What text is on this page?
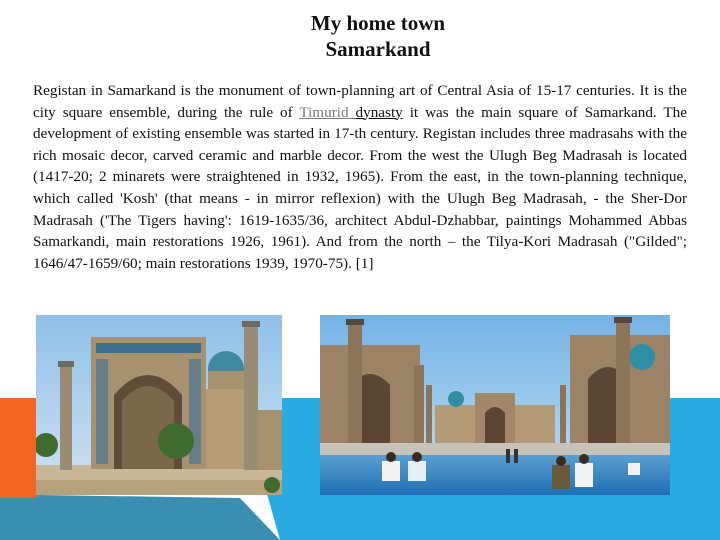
My home town
Samarkand
Registan in Samarkand is the monument of town-planning art of Central Asia of 15-17 centuries. It is the city square ensemble, during the rule of Timurid dynasty it was the main square of Samarkand. The development of existing ensemble was started in 17-th century. Registan includes three madrasahs with the rich mosaic decor, carved ceramic and marble decor. From the west the Ulugh Beg Madrasah is located (1417-20; 2 minarets were straightened in 1932, 1965). From the east, in the town-planning technique, which called 'Kosh' (that means - in mirror reflexion) with the Ulugh Beg Madrasah, - the Sher-Dor Madrasah ('The Tigers having': 1619-1635/36, architect Abdul-Dzhabbar, paintings Mohammed Abbas Samarkandi, main restorations 1926, 1961). And from the north – the Tilya-Kori Madrasah ("Gilded"; 1646/47-1659/60; main restorations 1939, 1970-75). [1]
